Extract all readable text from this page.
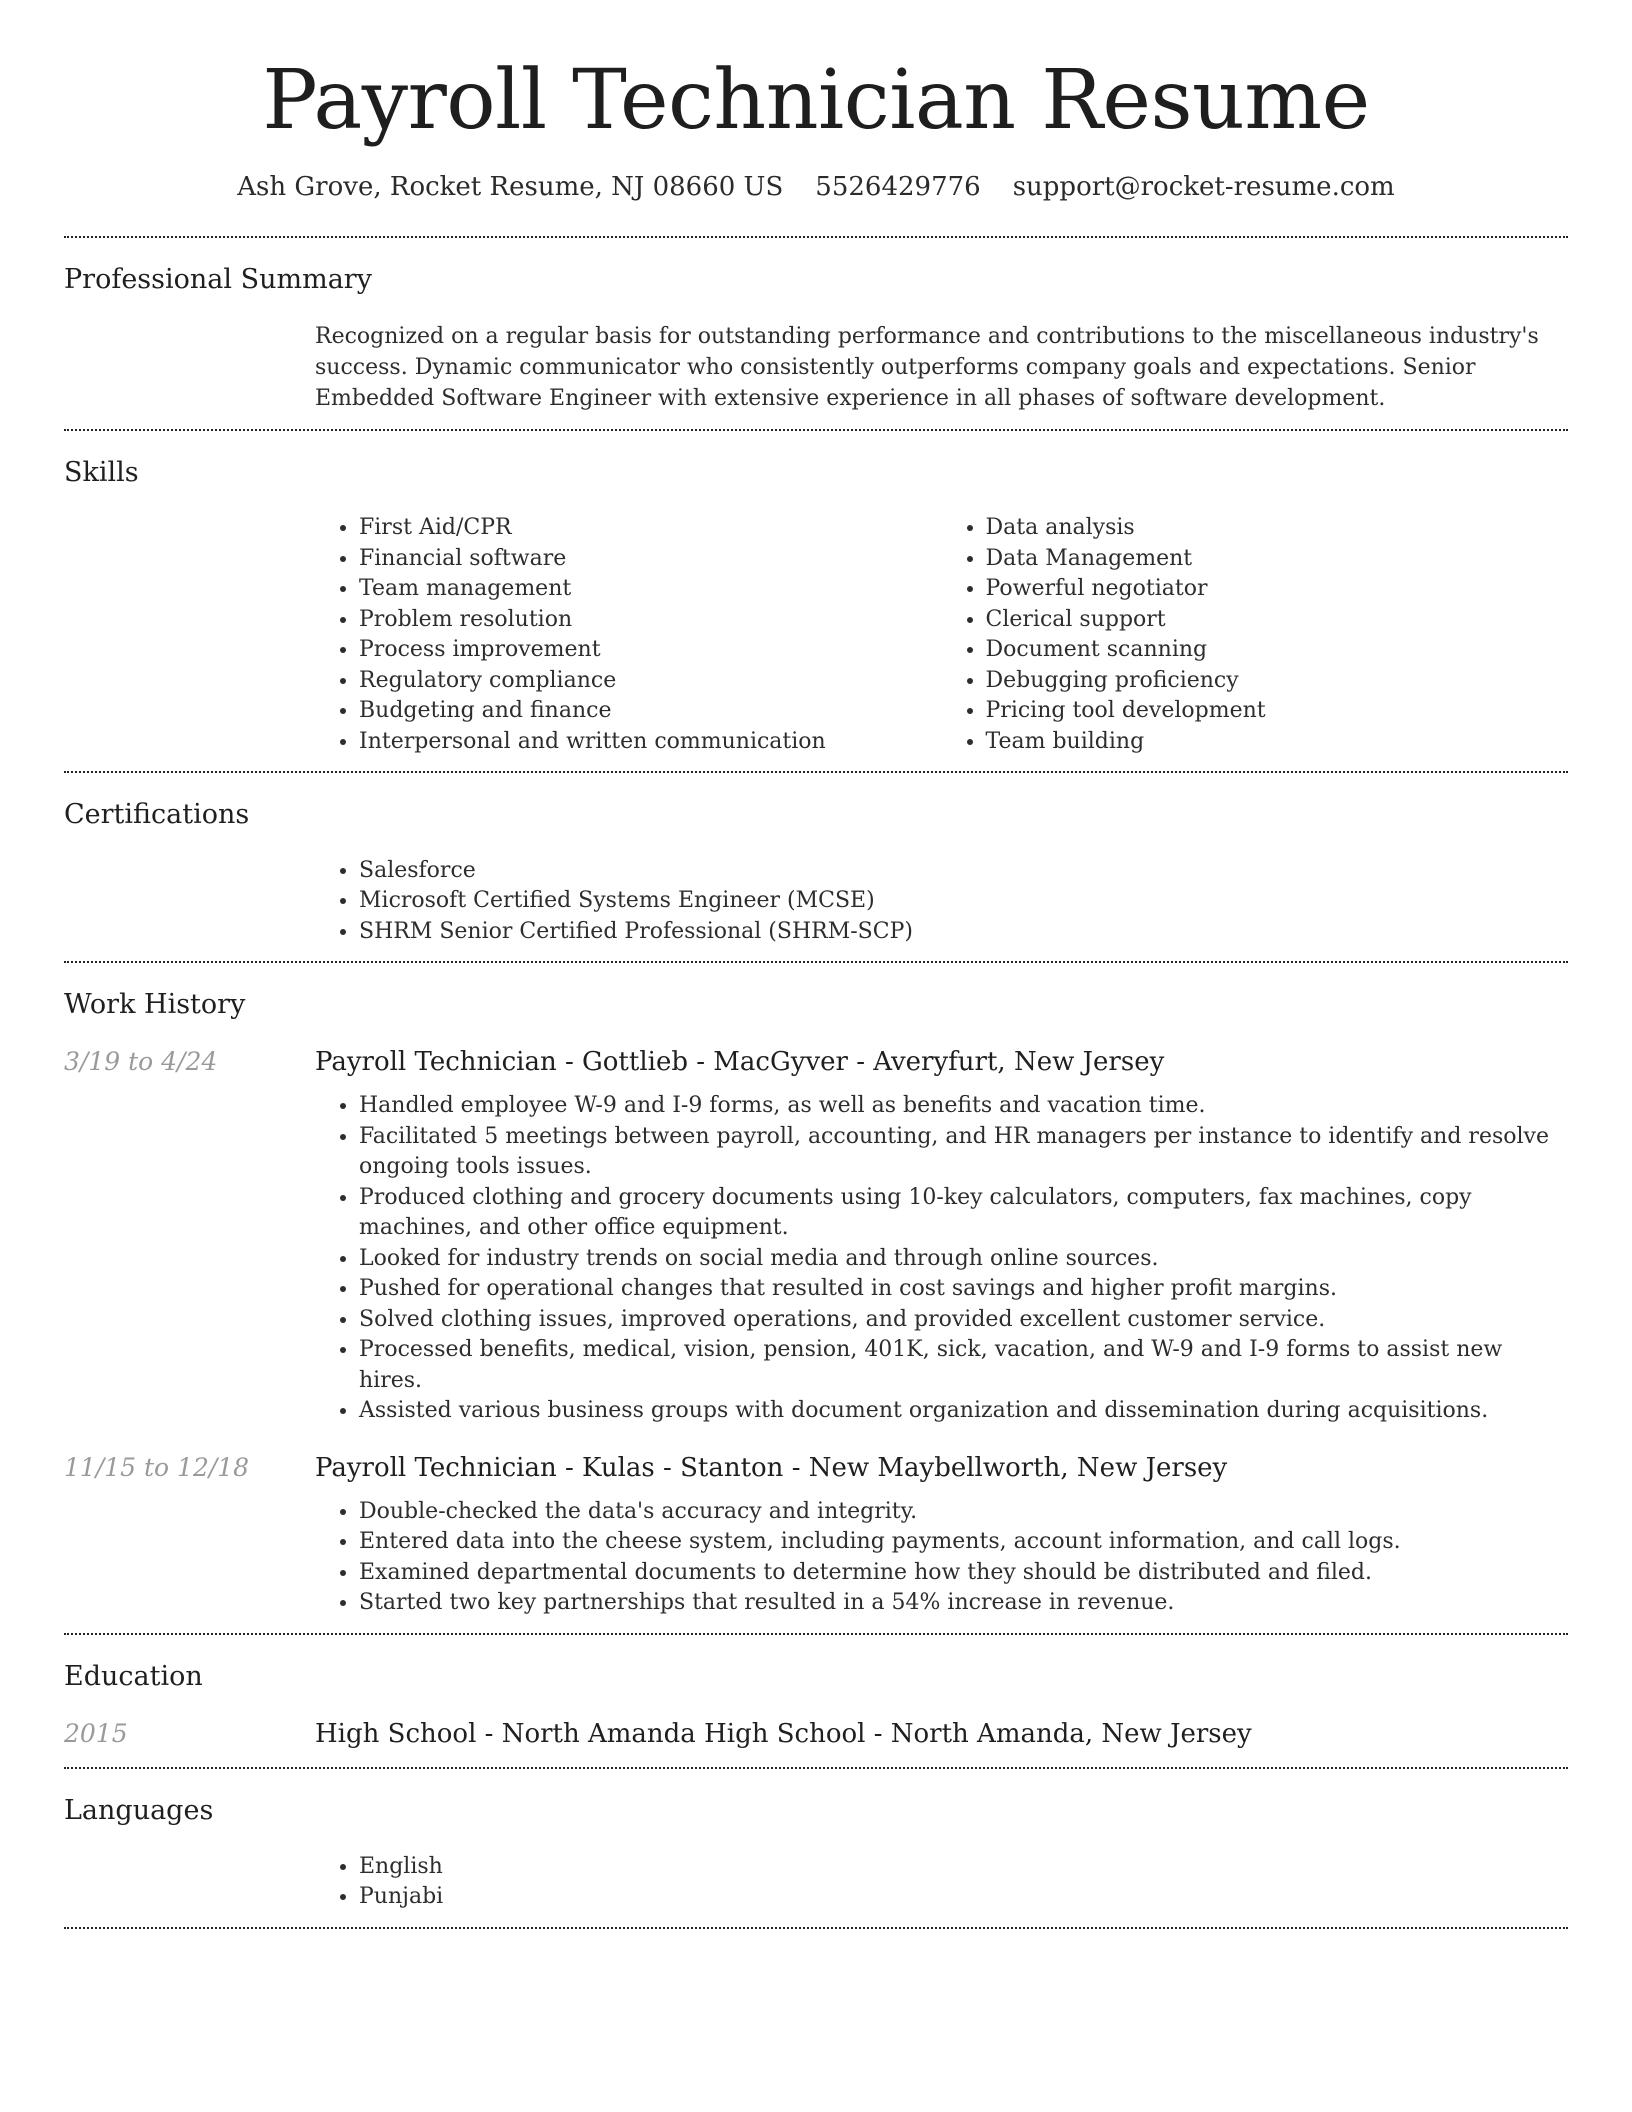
Payroll Technician Resume
Ash Grove, Rocket Resume, NJ 08660 US 5526429776 support@rocket-resume.com
Professional Summary

Recognized on a regular basis for outstanding performance and contributions to the miscellaneous industry's success. Dynamic communicator who consistently outperforms company goals and expectations. Senior Embedded Software Engineer with extensive experience in all phases of software development.

Skills
• First Aid/CPR
• Financial software
• Team management
• Problem resolution
• Process improvement
• Regulatory compliance
• Budgeting and finance
• Interpersonal and written communication
• Data analysis
• Data Management
• Powerful negotiator
• Clerical support
• Document scanning
• Debugging proficiency
• Pricing tool development
• Team building
Certifications
• Salesforce
• Microsoft Certified Systems Engineer (MCSE)
• SHRM Senior Certified Professional (SHRM-SCP)
Work History
3/19 to 4/24	Payroll Technician - Gottlieb - MacGyver - Averyfurt, New Jersey
• Handled employee W-9 and I-9 forms, as well as benefits and vacation time.
• Facilitated 5 meetings between payroll, accounting, and HR managers per instance to identify and resolve ongoing tools issues.
• Produced clothing and grocery documents using 10-key calculators, computers, fax machines, copy machines, and other office equipment.
• Looked for industry trends on social media and through online sources.
• Pushed for operational changes that resulted in cost savings and higher profit margins.
• Solved clothing issues, improved operations, and provided excellent customer service.
• Processed benefits, medical, vision, pension, 401K, sick, vacation, and W-9 and I-9 forms to assist new hires.
• Assisted various business groups with document organization and dissemination during acquisitions.
11/15 to 12/18	Payroll Technician - Kulas - Stanton - New Maybellworth, New Jersey
• Double-checked the data's accuracy and integrity.
• Entered data into the cheese system, including payments, account information, and call logs.
• Examined departmental documents to determine how they should be distributed and filed.
• Started two key partnerships that resulted in a 54% increase in revenue.
Education
2015	High School - North Amanda High School - North Amanda, New Jersey
Languages
• English
• Punjabi
